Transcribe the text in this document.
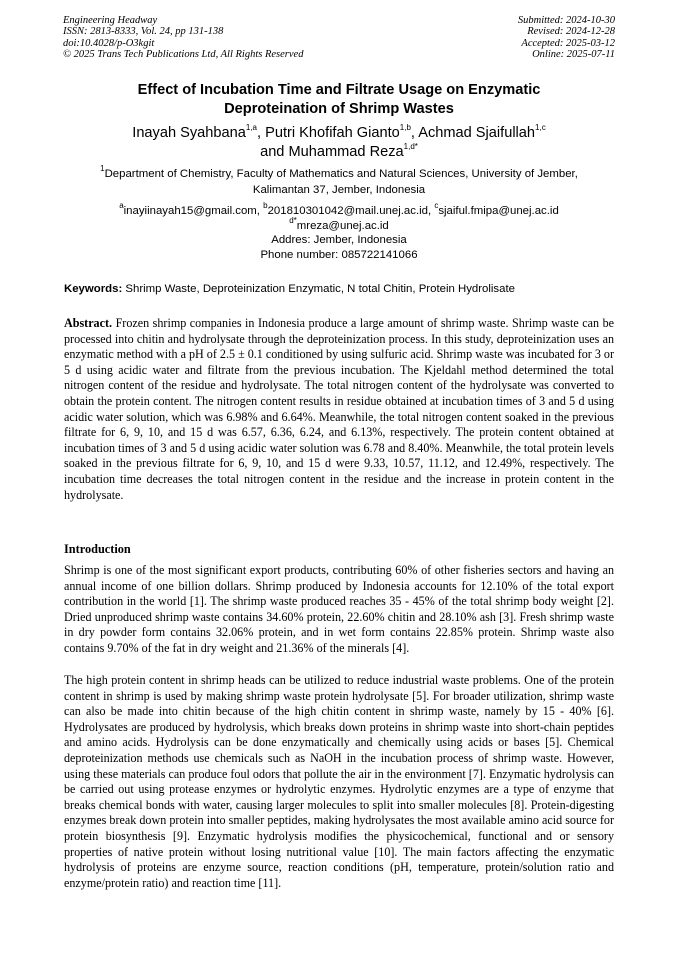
Engineering Headway
ISSN: 2813-8333, Vol. 24, pp 131-138
doi:10.4028/p-O3kgit
© 2025 Trans Tech Publications Ltd, All Rights Reserved
Submitted: 2024-10-30
Revised: 2024-12-28
Accepted: 2025-03-12
Online: 2025-07-11
Effect of Incubation Time and Filtrate Usage on Enzymatic
Deproteination of Shrimp Wastes
Inayah Syahbana$^{1,a}$, Putri Khofifah Gianto$^{1,b}$, Achmad Sjaifullah$^{1,c}$
and Muhammad Reza$^{1,d*}$
$^1$Department of Chemistry, Faculty of Mathematics and Natural Sciences, University of Jember,
Kalimantan 37, Jember, Indonesia
$^a$inayiinayah15@gmail.com, $^b$201810301042@mail.unej.ac.id, $^c$sjaiful.fmipa@unej.ac.id
$^{d*}$mreza@unej.ac.id
Addres: Jember, Indonesia
Phone number: 085722141066
Keywords: Shrimp Waste, Deproteinization Enzymatic, N total Chitin, Protein Hydrolisate
Abstract. Frozen shrimp companies in Indonesia produce a large amount of shrimp waste. Shrimp waste can be processed into chitin and hydrolysate through the deproteinization process. In this study, deproteinization uses an enzymatic method with a pH of 2.5 ± 0.1 conditioned by using sulfuric acid. Shrimp waste was incubated for 3 or 5 d using acidic water and filtrate from the previous incubation. The Kjeldahl method determined the total nitrogen content of the residue and hydrolysate. The total nitrogen content of the hydrolysate was converted to obtain the protein content. The nitrogen content results in residue obtained at incubation times of 3 and 5 d using acidic water solution, which was 6.98% and 6.64%. Meanwhile, the total nitrogen content soaked in the previous filtrate for 6, 9, 10, and 15 d was 6.57, 6.36, 6.24, and 6.13%, respectively. The protein content obtained at incubation times of 3 and 5 d using acidic water solution was 6.78 and 8.40%. Meanwhile, the total protein levels soaked in the previous filtrate for 6, 9, 10, and 15 d were 9.33, 10.57, 11.12, and 12.49%, respectively. The incubation time decreases the total nitrogen content in the residue and the increase in protein content in the hydrolysate.
Introduction
Shrimp is one of the most significant export products, contributing 60% of other fisheries sectors and having an annual income of one billion dollars. Shrimp produced by Indonesia accounts for 12.10% of the total export contribution in the world [1]. The shrimp waste produced reaches 35 - 45% of the total shrimp body weight [2]. Dried unproduced shrimp waste contains 34.60% protein, 22.60% chitin and 28.10% ash [3]. Fresh shrimp waste in dry powder form contains 32.06% protein, and in wet form contains 22.85% protein. Shrimp waste also contains 9.70% of the fat in dry weight and 21.36% of the minerals [4].
The high protein content in shrimp heads can be utilized to reduce industrial waste problems. One of the protein content in shrimp is used by making shrimp waste protein hydrolysate [5]. For broader utilization, shrimp waste can also be made into chitin because of the high chitin content in shrimp waste, namely by 15 - 40% [6]. Hydrolysates are produced by hydrolysis, which breaks down proteins in shrimp waste into short-chain peptides and amino acids. Hydrolysis can be done enzymatically and chemically using acids or bases [5]. Chemical deproteinization methods use chemicals such as NaOH in the incubation process of shrimp waste. However, using these materials can produce foul odors that pollute the air in the environment [7]. Enzymatic hydrolysis can be carried out using protease enzymes or hydrolytic enzymes. Hydrolytic enzymes are a type of enzyme that breaks chemical bonds with water, causing larger molecules to split into smaller molecules [8]. Protein-digesting enzymes break down protein into smaller peptides, making hydrolysates the most available amino acid source for protein biosynthesis [9]. Enzymatic hydrolysis modifies the physicochemical, functional and or sensory properties of native protein without losing nutritional value [10]. The main factors affecting the enzymatic hydrolysis of proteins are enzyme source, reaction conditions (pH, temperature, protein/solution ratio and enzyme/protein ratio) and reaction time [11].
